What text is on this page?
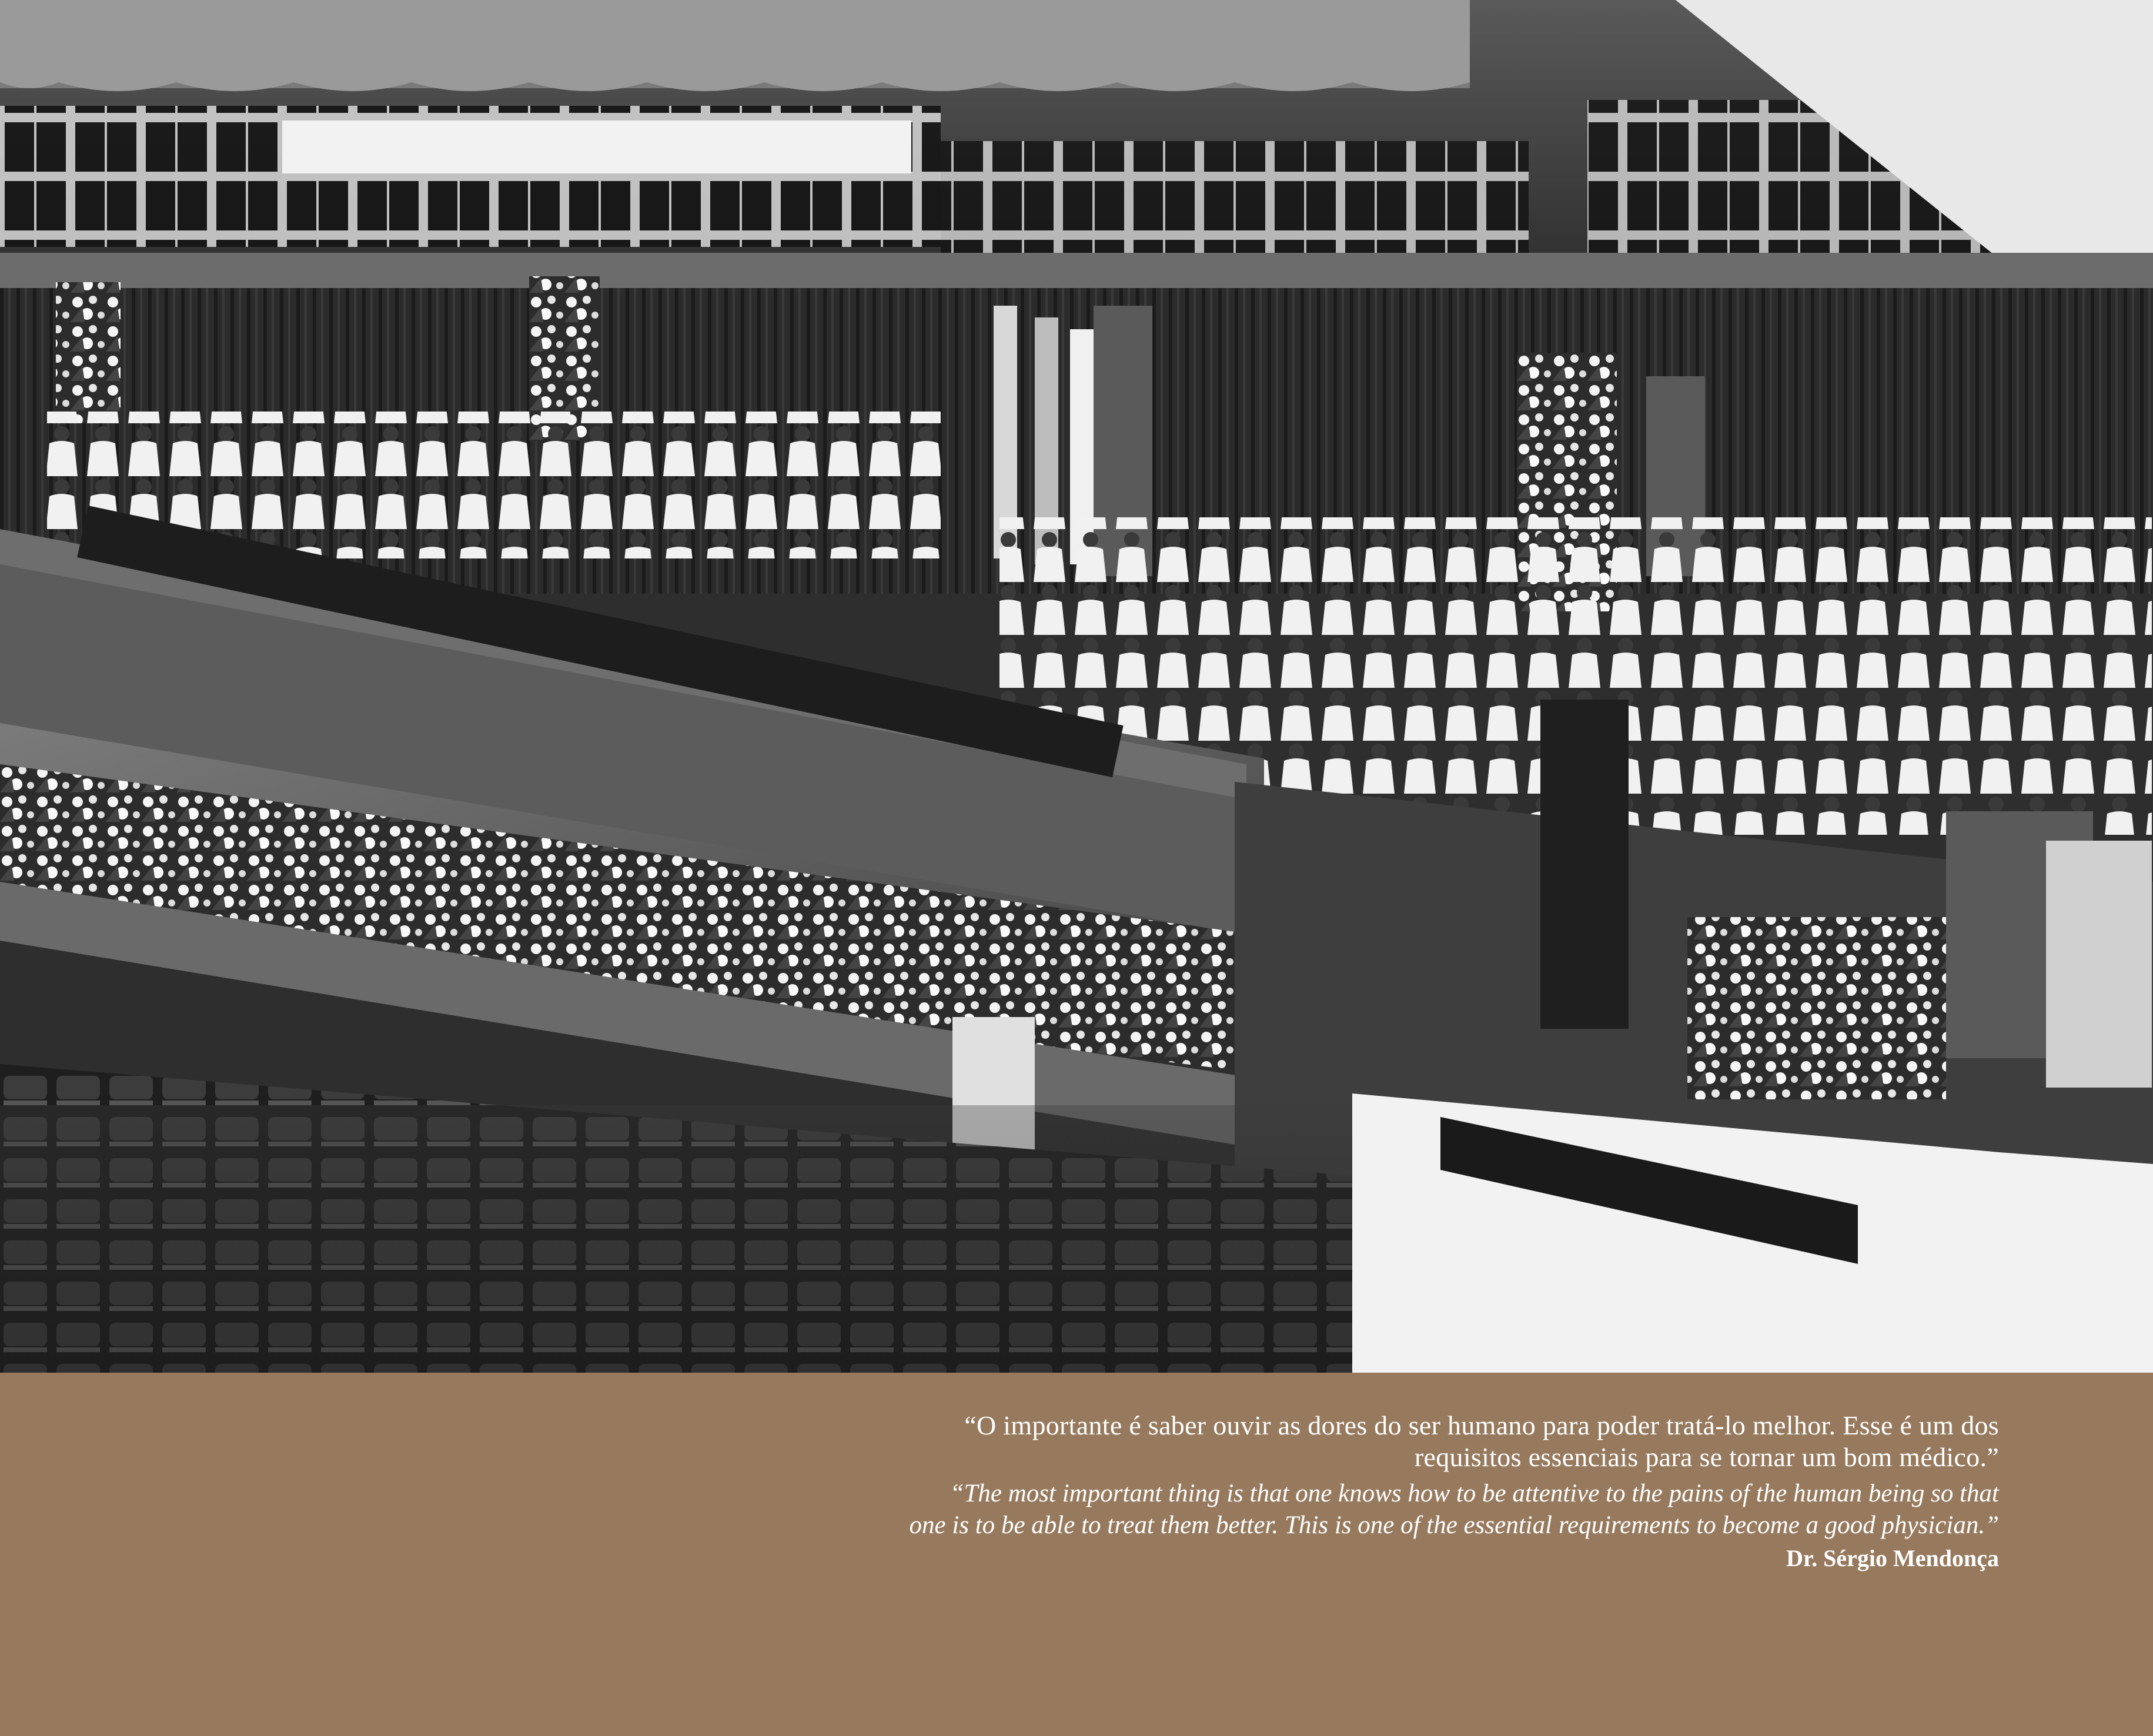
“O importante é saber ouvir as dores do ser humano para poder tratá-lo melhor. Esse é um dos
requisitos essenciais para se tornar um bom médico.”

“The most important thing is that one knows how to be attentive to the pains of the human being so that
one is to be able to treat them better. This is one of the essential requirements to become a good physician.”

Dr. Sérgio Mendonça
